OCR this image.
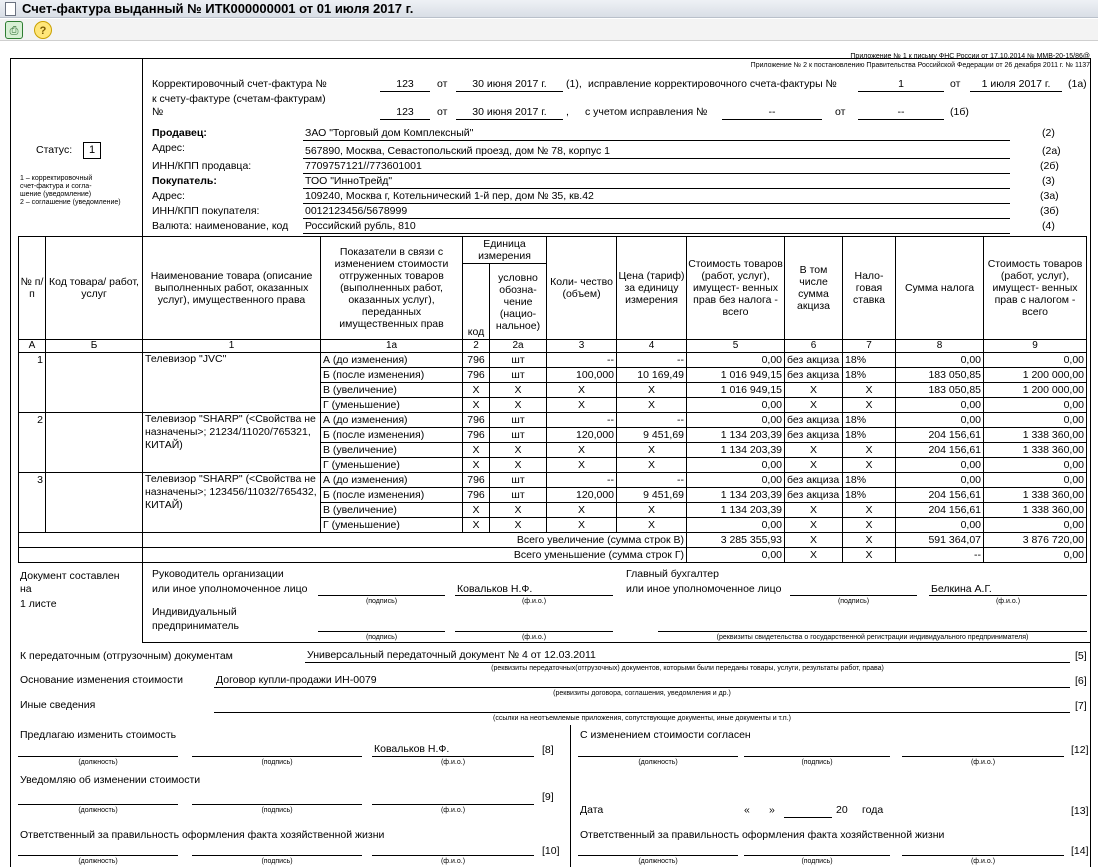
Счет-фактура выданный № ИТК000000001 от 01 июля 2017 г.
⎙	?
Приложение № 1 к письму ФНС России от 17.10.2014 № ММВ-20-15/86@
Приложение № 2 к постановлению Правительства Российской Федерации от 26 декабря 2011 г. № 1137
Статус:	1
1 – корректировочный
счет-фактура и согла-
шение (уведомление)
2 – соглашение (уведомление)
Корректировочный счет-фактура №	123	от	30 июня 2017 г.	(1), исправление корректировочного счета-фактуры №	1	от	1 июля 2017 г.	(1а)
к счету-фактуре (счетам-фактурам)
№	123	от	30 июня 2017 г.	, с учетом исправления №	--	от	--	(1б)
Продавец:	ЗАО "Торговый дом Комплексный"	(2)
Адрес:	567890, Москва, Севастопольский проезд, дом № 78, корпус 1	(2а)
ИНН/КПП продавца:	7709757121//773601001	(2б)
Покупатель:	ТОО "ИнноТрейд"	(3)
Адрес:	109240, Москва г, Котельнический 1-й пер, дом № 35, кв.42	(3а)
ИНН/КПП покупателя:	0012123456/5678999	(3б)
Валюта: наименование, код Российский рубль, 810	(4)
№ п/п	Код товара/ работ, услуг	Наименование товара (описание выполненных работ, оказанных услуг), имущественного права	Показатели в связи с изменением стоимости отгруженных товаров (выполненных работ, оказанных услуг), переданных имущественных прав	Единица измерения		Коли- чество (объем)	Цена (тариф) за единицу измерения	Стоимость товаров (работ, услуг), имущест- венных прав без налога - всего	В том числе сумма акциза	Нало- говая ставка	Сумма налога	Стоимость товаров (работ, услуг), имущест- венных прав с налогом - всего
				код	условно обозна- чение (нацио- нальное)							
А	Б	1	1а	2	2а	3	4	5	6	7	8	9
1		Телевизор "JVC"	А (до изменения)	796	шт	--	--	0,00	без акциза	18%	0,00	0,00
			Б (после изменения)	796	шт	100,000	10 169,49	1 016 949,15	без акциза	18%	183 050,85	1 200 000,00
			В (увеличение)	X	X	X	X	1 016 949,15	X	X	183 050,85	1 200 000,00
			Г (уменьшение)	X	X	X	X	0,00	X	X	0,00	0,00
2		Телевизор "SHARP" (<Свойства не назначены>; 21234/11020/765321, КИТАЙ)	А (до изменения)	796	шт	--	--	0,00	без акциза	18%	0,00	0,00
			Б (после изменения)	796	шт	120,000	9 451,69	1 134 203,39	без акциза	18%	204 156,61	1 338 360,00
			В (увеличение)	X	X	X	X	1 134 203,39	X	X	204 156,61	1 338 360,00
			Г (уменьшение)	X	X	X	X	0,00	X	X	0,00	0,00
3		Телевизор "SHARP" (<Свойства не назначены>; 123456/11032/765432, КИТАЙ)	А (до изменения)	796	шт	--	--	0,00	без акциза	18%	0,00	0,00
			Б (после изменения)	796	шт	120,000	9 451,69	1 134 203,39	без акциза	18%	204 156,61	1 338 360,00
			В (увеличение)	X	X	X	X	1 134 203,39	X	X	204 156,61	1 338 360,00
			Г (уменьшение)	X	X	X	X	0,00	X	X	0,00	0,00
		Всего увеличение (сумма строк В)						3 285 355,93	X	X	591 364,07	3 876 720,00
		Всего уменьшение (сумма строк Г)						0,00	X	X	--	0,00
Документ составлен
на
1 листе
Руководитель организации
или иное уполномоченное лицо
(подпись)
Ковальков Н.Ф.
(ф.и.о.)
Главный бухгалтер
или иное уполномоченное лицо
(подпись)
Белкина А.Г.
(ф.и.о.)
Индивидуальный
предприниматель
(подпись)	(ф.и.о.)	(реквизиты свидетельства о государственной регистрации индивидуального предпринимателя)
К передаточным (отгрузочным) документам	Универсальный передаточный документ № 4 от 12.03.2011	[5]
(реквизиты передаточных(отгрузочных) документов, которыми были переданы товары, услуги, результаты работ, права)
Основание изменения стоимости	Договор купли-продажи ИН-0079	[6]
(реквизиты договора, соглашения, уведомления и др.)
Иные сведения	[7]
(ссылки на неотъемлемые приложения, сопутствующие документы, иные документы и т.п.)
Предлагаю изменить стоимость
(должность)	(подпись)
Ковальков Н.Ф.
(ф.и.о.)
[8]
С изменением стоимости согласен
(должность)	(подпись)	(ф.и.о.)
[12]
Уведомляю об изменении стоимости
(должность)	(подпись)	(ф.и.о.)
[9]
Дата	« »	20 года	[13]
Ответственный за правильность оформления факта хозяйственной жизни
(должность)	(подпись)	(ф.и.о.)
[10]
Ответственный за правильность оформления факта хозяйственной жизни
(должность)	(подпись)	(ф.и.о.)
[14]
